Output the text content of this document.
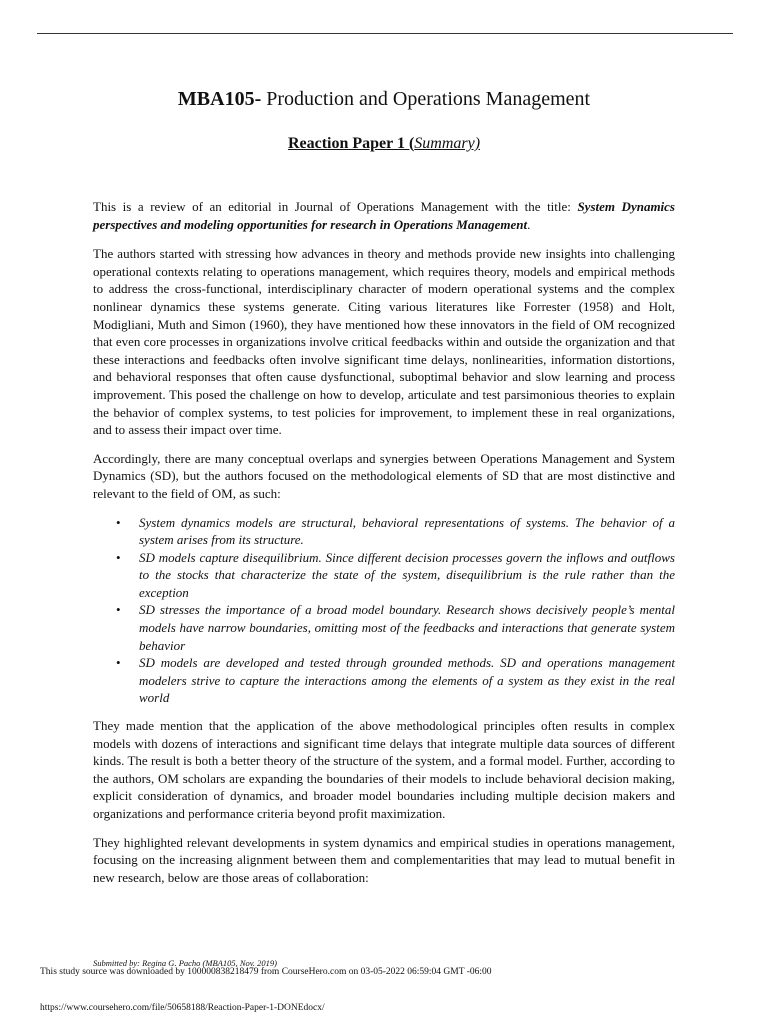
MBA105- Production and Operations Management
Reaction Paper 1 (Summary)

This is a review of an editorial in Journal of Operations Management with the title: System Dynamics perspectives and modeling opportunities for research in Operations Management.

The authors started with stressing how advances in theory and methods provide new insights into challenging operational contexts relating to operations management, which requires theory, models and empirical methods to address the cross-functional, interdisciplinary character of modern operational systems and the complex nonlinear dynamics these systems generate. Citing various literatures like Forrester (1958) and Holt, Modigliani, Muth and Simon (1960), they have mentioned how these innovators in the field of OM recognized that even core processes in organizations involve critical feedbacks within and outside the organization and that these interactions and feedbacks often involve significant time delays, nonlinearities, information distortions, and behavioral responses that often cause dysfunctional, suboptimal behavior and slow learning and process improvement. This posed the challenge on how to develop, articulate and test parsimonious theories to explain the behavior of complex systems, to test policies for improvement, to implement these in real organizations, and to assess their impact over time.

Accordingly, there are many conceptual overlaps and synergies between Operations Management and System Dynamics (SD), but the authors focused on the methodological elements of SD that are most distinctive and relevant to the field of OM, as such:

• System dynamics models are structural, behavioral representations of systems. The behavior of a system arises from its structure.
• SD models capture disequilibrium. Since different decision processes govern the inflows and outflows to the stocks that characterize the state of the system, disequilibrium is the rule rather than the exception
• SD stresses the importance of a broad model boundary. Research shows decisively people’s mental models have narrow boundaries, omitting most of the feedbacks and interactions that generate system behavior
• SD models are developed and tested through grounded methods. SD and operations management modelers strive to capture the interactions among the elements of a system as they exist in the real world

They made mention that the application of the above methodological principles often results in complex models with dozens of interactions and significant time delays that integrate multiple data sources of different kinds. The result is both a better theory of the structure of the system, and a formal model. Further, according to the authors, OM scholars are expanding the boundaries of their models to include behavioral decision making, explicit consideration of dynamics, and broader model boundaries including multiple decision makers and organizations and performance criteria beyond profit maximization.

They highlighted relevant developments in system dynamics and empirical studies in operations management, focusing on the increasing alignment between them and complementarities that may lead to mutual benefit in new research, below are those areas of collaboration:

Submitted by: Regina G. Pacho (MBA105, Nov. 2019)
This study source was downloaded by 100000838218479 from CourseHero.com on 03-05-2022 06:59:04 GMT -06:00
https://www.coursehero.com/file/50658188/Reaction-Paper-1-DONEdocx/
